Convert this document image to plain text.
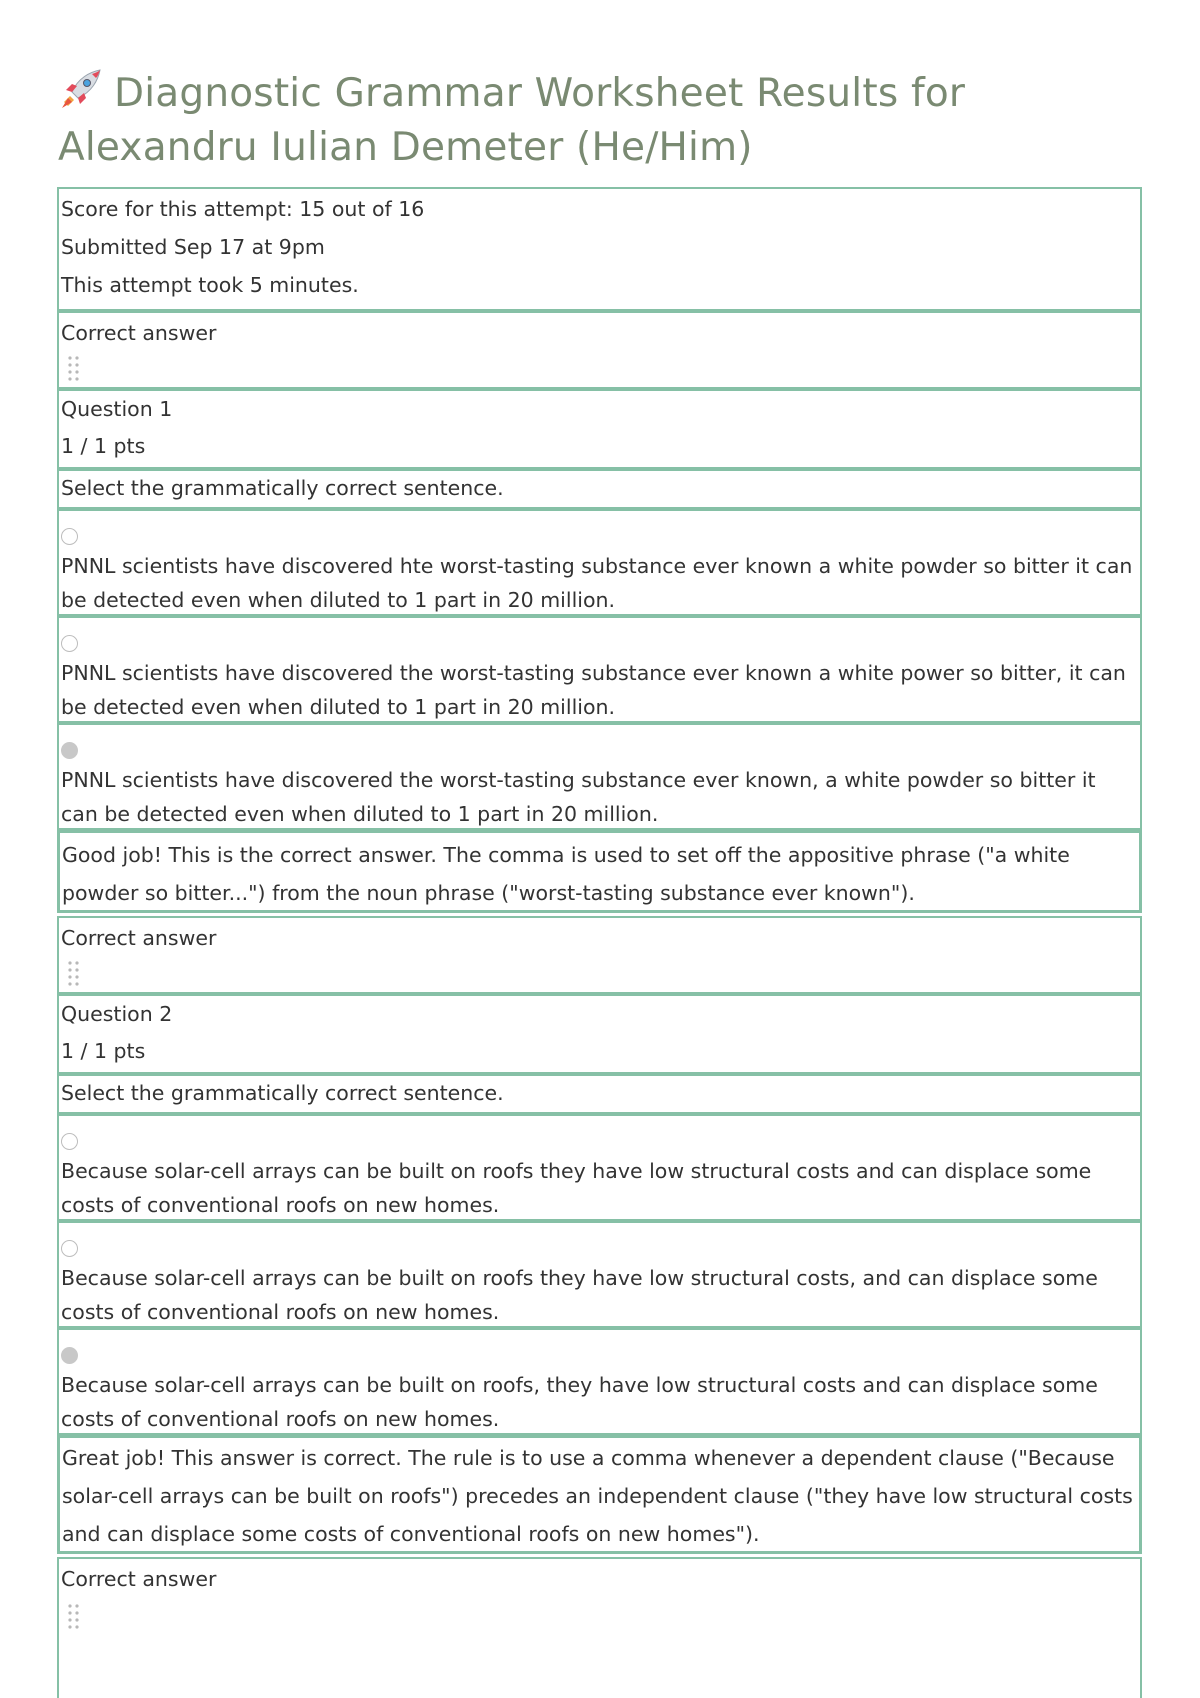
Diagnostic Grammar Worksheet Results for Alexandru Iulian Demeter (He/Him)
Score for this attempt: 15 out of 16
Submitted Sep 17 at 9pm
This attempt took 5 minutes.
Correct answer
Question 1
1 / 1 pts
Select the grammatically correct sentence.
PNNL scientists have discovered hte worst-tasting substance ever known a white powder so bitter it can be detected even when diluted to 1 part in 20 million.
PNNL scientists have discovered the worst-tasting substance ever known a white power so bitter, it can be detected even when diluted to 1 part in 20 million.
PNNL scientists have discovered the worst-tasting substance ever known, a white powder so bitter it can be detected even when diluted to 1 part in 20 million.
Good job! This is the correct answer. The comma is used to set off the appositive phrase ("a white powder so bitter...") from the noun phrase ("worst-tasting substance ever known").
Correct answer
Question 2
1 / 1 pts
Select the grammatically correct sentence.
Because solar-cell arrays can be built on roofs they have low structural costs and can displace some costs of conventional roofs on new homes.
Because solar-cell arrays can be built on roofs they have low structural costs, and can displace some costs of conventional roofs on new homes.
Because solar-cell arrays can be built on roofs, they have low structural costs and can displace some costs of conventional roofs on new homes.
Great job! This answer is correct. The rule is to use a comma whenever a dependent clause ("Because solar-cell arrays can be built on roofs") precedes an independent clause ("they have low structural costs and can displace some costs of conventional roofs on new homes").
Correct answer
